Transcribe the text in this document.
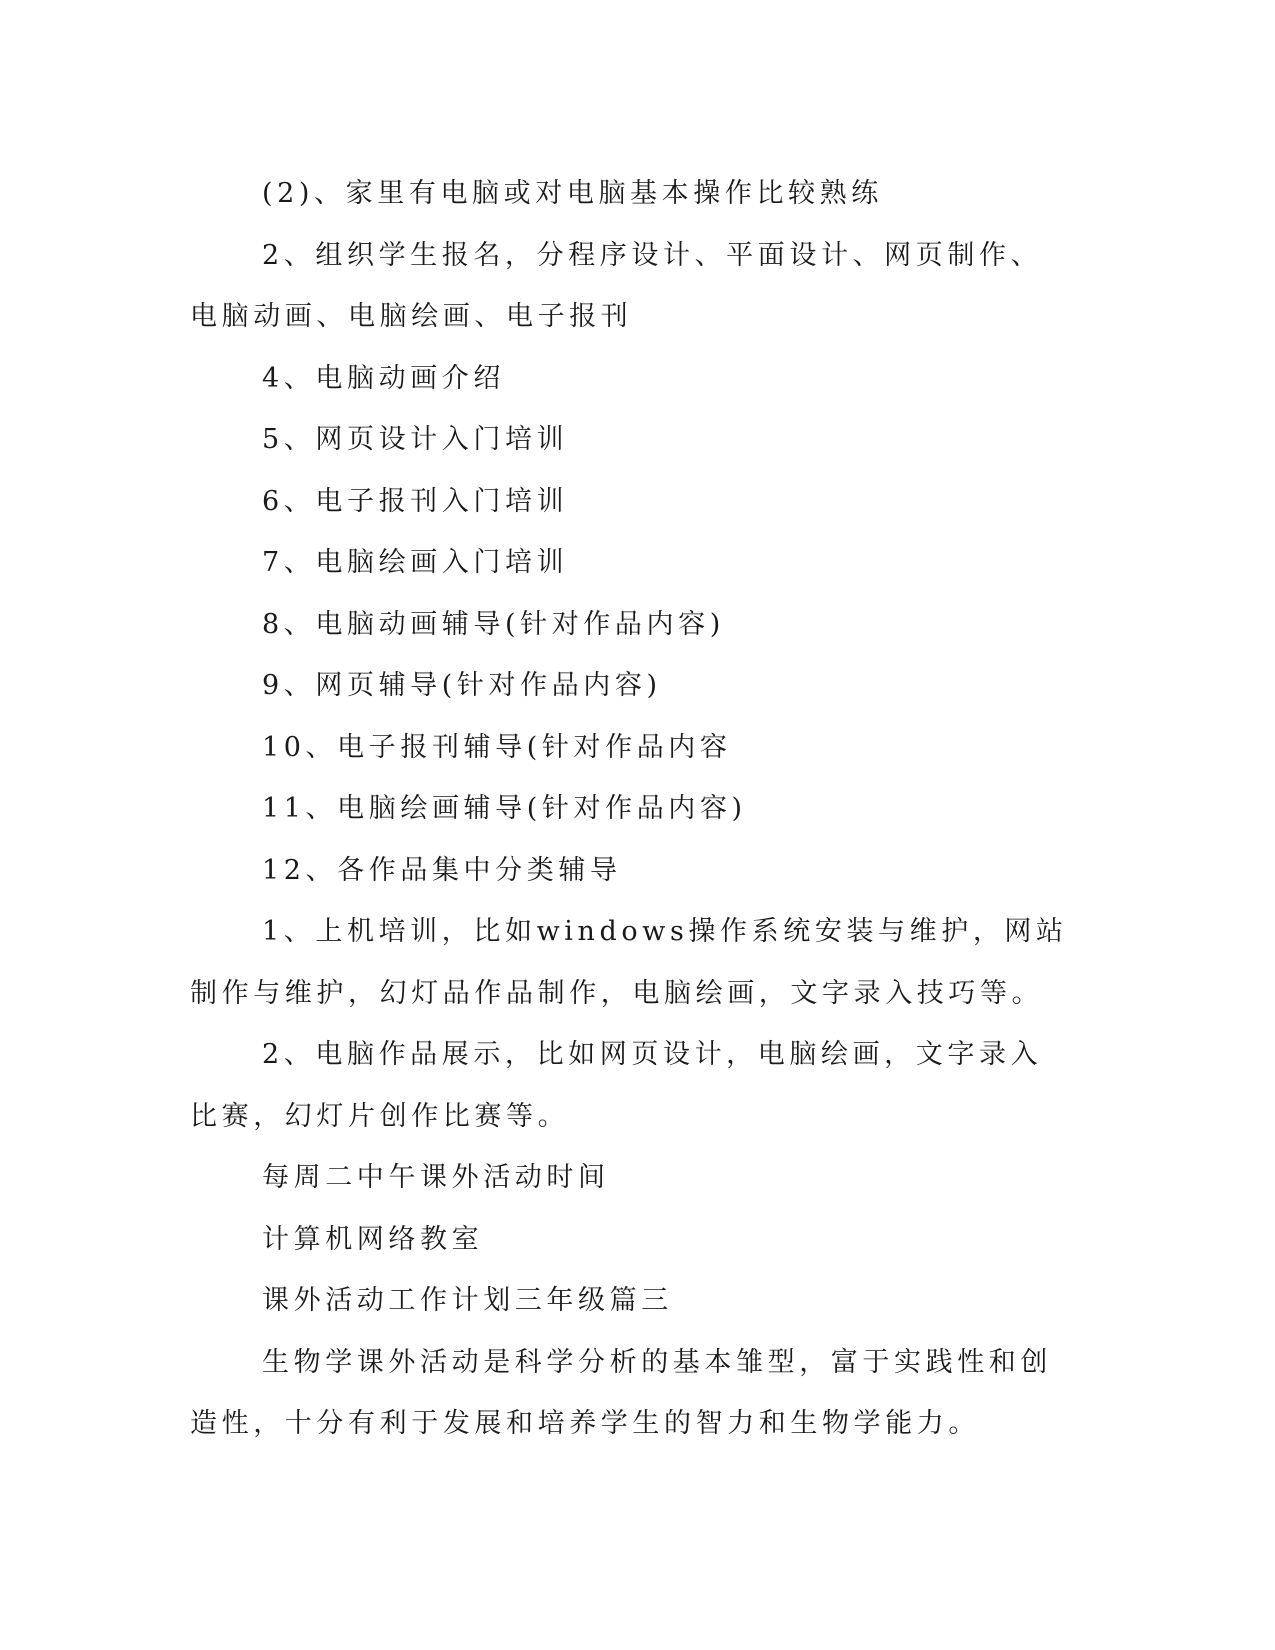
(2)、家里有电脑或对电脑基本操作比较熟练

2、组织学生报名，分程序设计、平面设计、网页制作、电脑动画、电脑绘画、电子报刊

4、电脑动画介绍

5、网页设计入门培训

6、电子报刊入门培训

7、电脑绘画入门培训

8、电脑动画辅导(针对作品内容)

9、网页辅导(针对作品内容)

10、电子报刊辅导(针对作品内容

11、电脑绘画辅导(针对作品内容)

12、各作品集中分类辅导

1、上机培训，比如windows操作系统安装与维护，网站制作与维护，幻灯品作品制作，电脑绘画，文字录入技巧等。

2、电脑作品展示，比如网页设计，电脑绘画，文字录入比赛，幻灯片创作比赛等。

每周二中午课外活动时间

计算机网络教室

课外活动工作计划三年级篇三

生物学课外活动是科学分析的基本雏型，富于实践性和创造性，十分有利于发展和培养学生的智力和生物学能力。
